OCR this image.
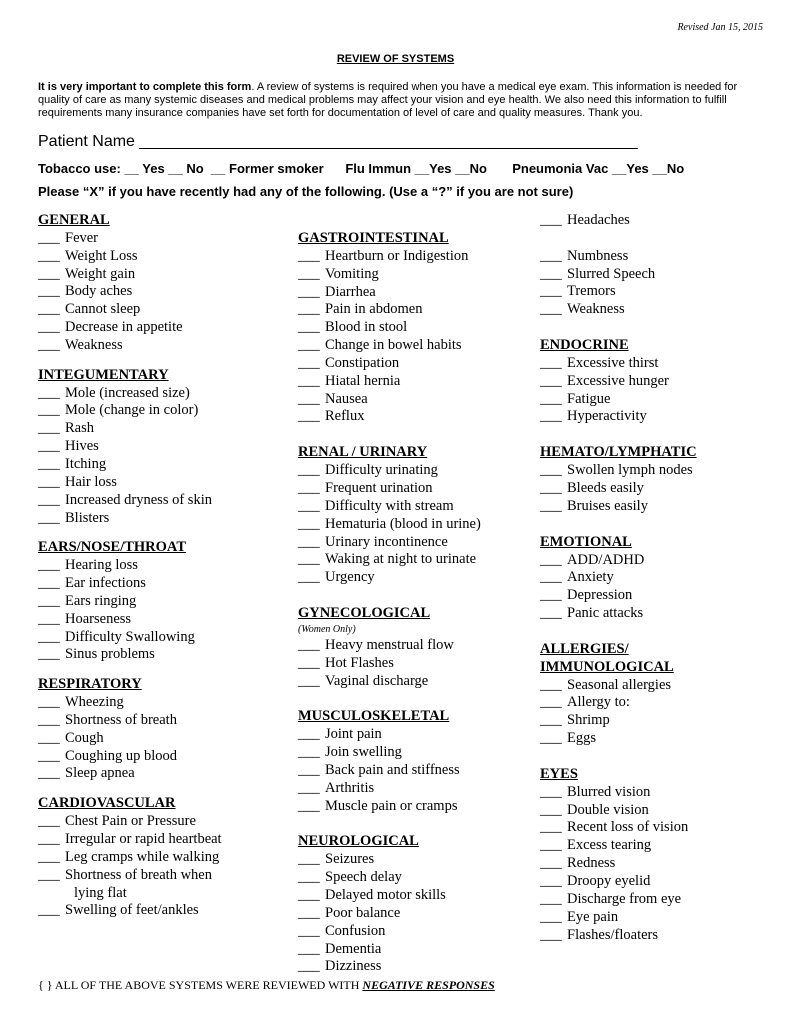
Revised Jan 15, 2015
REVIEW OF SYSTEMS
It is very important to complete this form. A review of systems is required when you have a medical eye exam. This information is needed for quality of care as many systemic diseases and medical problems may affect your vision and eye health. We also need this information to fulfill requirements many insurance companies have set forth for documentation of level of care and quality measures. Thank you.
Patient Name ________________________________________________________
Tobacco use: __ Yes __ No  __ Former smoker      Flu Immun __Yes __No       Pneumonia Vac __Yes __No
Please “X” if you have recently had any of the following. (Use a “?” if you are not sure)
GENERAL
___ Fever
___ Weight Loss
___ Weight gain
___ Body aches
___ Cannot sleep
___ Decrease in appetite
___ Weakness
INTEGUMENTARY
___ Mole (increased size)
___ Mole (change in color)
___ Rash
___ Hives
___ Itching
___ Hair loss
___ Increased dryness of skin
___ Blisters
EARS/NOSE/THROAT
___ Hearing loss
___ Ear infections
___ Ears ringing
___ Hoarseness
___ Difficulty Swallowing
___ Sinus problems
RESPIRATORY
___ Wheezing
___ Shortness of breath
___ Cough
___ Coughing up blood
___ Sleep apnea
CARDIOVASCULAR
___ Chest Pain or Pressure
___ Irregular or rapid heartbeat
___ Leg cramps while walking
___ Shortness of breath when
lying flat
___ Swelling of feet/ankles
GASTROINTESTINAL
___ Heartburn or Indigestion
___ Vomiting
___ Diarrhea
___ Pain in abdomen
___ Blood in stool
___ Change in bowel habits
___ Constipation
___ Hiatal hernia
___ Nausea
___ Reflux
RENAL / URINARY
___ Difficulty urinating
___ Frequent urination
___ Difficulty with stream
___ Hematuria (blood in urine)
___ Urinary incontinence
___ Waking at night to urinate
___ Urgency
GYNECOLOGICAL
(Women Only)
___ Heavy menstrual flow
___ Hot Flashes
___ Vaginal discharge
MUSCULOSKELETAL
___ Joint pain
___ Join swelling
___ Back pain and stiffness
___ Arthritis
___ Muscle pain or cramps
NEUROLOGICAL
___ Seizures
___ Speech delay
___ Delayed motor skills
___ Poor balance
___ Confusion
___ Dementia
___ Dizziness
___ Headaches
___ Numbness
___ Slurred Speech
___ Tremors
___ Weakness
ENDOCRINE
___ Excessive thirst
___ Excessive hunger
___ Fatigue
___ Hyperactivity
HEMATO/LYMPHATIC
___ Swollen lymph nodes
___ Bleeds easily
___ Bruises easily
EMOTIONAL
___ ADD/ADHD
___ Anxiety
___ Depression
___ Panic attacks
ALLERGIES/
IMMUNOLOGICAL
___ Seasonal allergies
___ Allergy to:
___ Shrimp
___ Eggs
EYES
___ Blurred vision
___ Double vision
___ Recent loss of vision
___ Excess tearing
___ Redness
___ Droopy eyelid
___ Discharge from eye
___ Eye pain
___ Flashes/floaters
{ } ALL OF THE ABOVE SYSTEMS WERE REVIEWED WITH NEGATIVE RESPONSES
